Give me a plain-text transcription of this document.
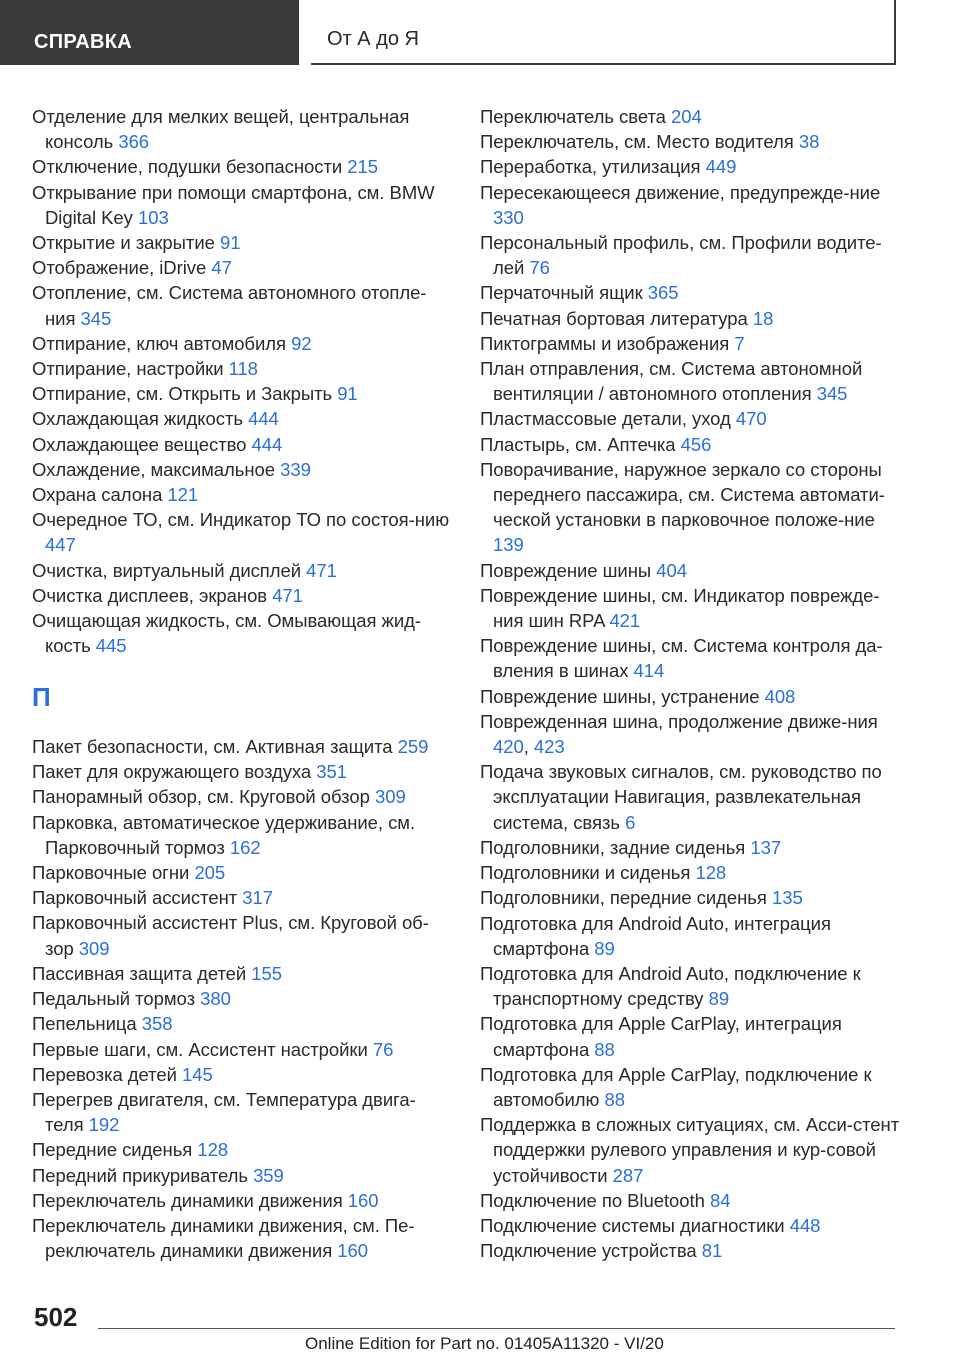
СПРАВКА	От А до Я
Отделение для мелких вещей, центральная консоль 366
Отключение, подушки безопасности 215
Открывание при помощи смартфона, см. BMW Digital Key 103
Открытие и закрытие 91
Отображение, iDrive 47
Отопление, см. Система автономного отопле-ния 345
Отпирание, ключ автомобиля 92
Отпирание, настройки 118
Отпирание, см. Открыть и Закрыть 91
Охлаждающая жидкость 444
Охлаждающее вещество 444
Охлаждение, максимальное 339
Охрана салона 121
Очередное ТО, см. Индикатор ТО по состоя-нию 447
Очистка, виртуальный дисплей 471
Очистка дисплеев, экранов 471
Очищающая жидкость, см. Омывающая жид-кость 445
П
Пакет безопасности, см. Активная защита 259
Пакет для окружающего воздуха 351
Панорамный обзор, см. Круговой обзор 309
Парковка, автоматическое удерживание, см. Парковочный тормоз 162
Парковочные огни 205
Парковочный ассистент 317
Парковочный ассистент Plus, см. Круговой об-зор 309
Пассивная защита детей 155
Педальный тормоз 380
Пепельница 358
Первые шаги, см. Ассистент настройки 76
Перевозка детей 145
Перегрев двигателя, см. Температура двига-теля 192
Передние сиденья 128
Передний прикуриватель 359
Переключатель динамики движения 160
Переключатель динамики движения, см. Пе-реключатель динамики движения 160
Переключатель света 204
Переключатель, см. Место водителя 38
Переработка, утилизация 449
Пересекающееся движение, предупрежде-ние 330
Персональный профиль, см. Профили водите-лей 76
Перчаточный ящик 365
Печатная бортовая литература 18
Пиктограммы и изображения 7
План отправления, см. Система автономной вентиляции / автономного отопления 345
Пластмассовые детали, уход 470
Пластырь, см. Аптечка 456
Поворачивание, наружное зеркало со стороны переднего пассажира, см. Система автомати-ческой установки в парковочное положе-ние 139
Повреждение шины 404
Повреждение шины, см. Индикатор поврежде-ния шин RPA 421
Повреждение шины, см. Система контроля да-вления в шинах 414
Повреждение шины, устранение 408
Поврежденная шина, продолжение движе-ния 420, 423
Подача звуковых сигналов, см. руководство по эксплуатации Навигация, развлекательная система, связь 6
Подголовники, задние сиденья 137
Подголовники и сиденья 128
Подголовники, передние сиденья 135
Подготовка для Android Auto, интеграция смартфона 89
Подготовка для Android Auto, подключение к транспортному средству 89
Подготовка для Apple CarPlay, интеграция смартфона 88
Подготовка для Apple CarPlay, подключение к автомобилю 88
Поддержка в сложных ситуациях, см. Асси-стент поддержки рулевого управления и кур-совой устойчивости 287
Подключение по Bluetooth 84
Подключение системы диагностики 448
Подключение устройства 81
502
Online Edition for Part no. 01405A11320 - VI/20
